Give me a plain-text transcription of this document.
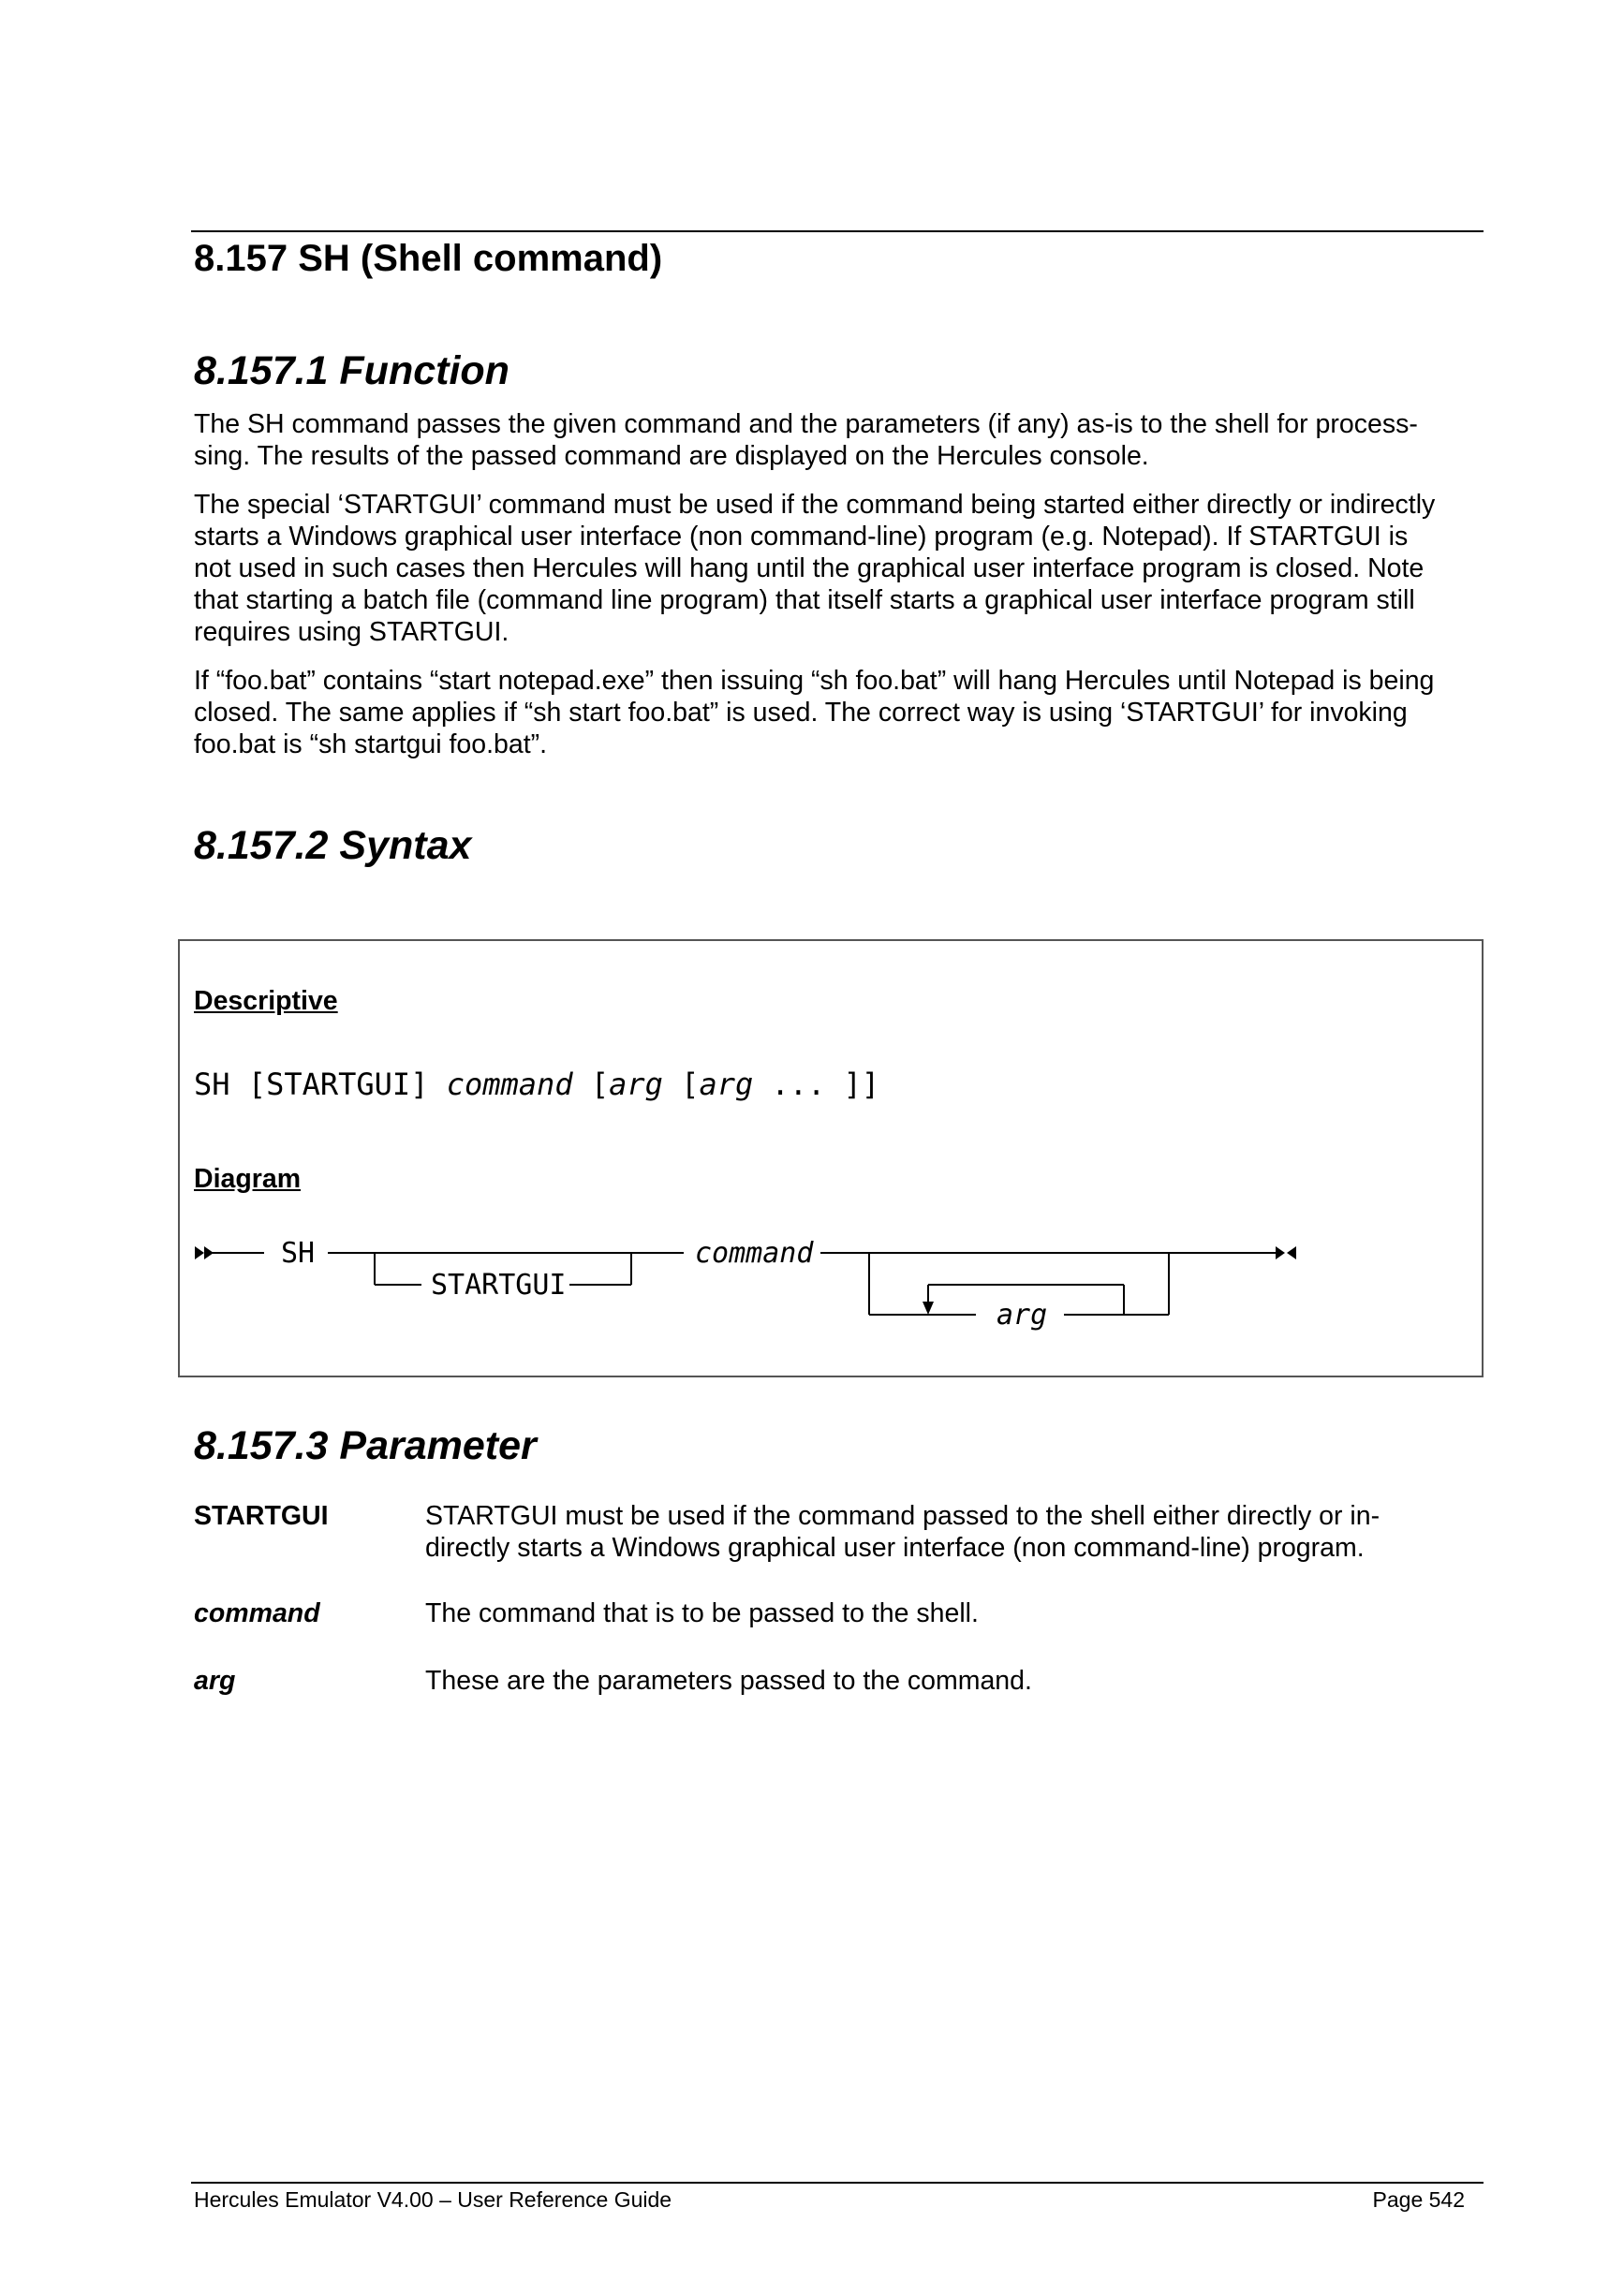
8.157 SH (Shell command)
8.157.1 Function
The SH command passes the given command and the parameters (if any) as-is to the shell for process-
sing. The results of the passed command are displayed on the Hercules console.
The special ‘STARTGUI’ command must be used if the command being started either directly or indirectly
starts a Windows graphical user interface (non command-line) program (e.g. Notepad). If STARTGUI is
not used in such cases then Hercules will hang until the graphical user interface program is closed. Note
that starting a batch file (command line program) that itself starts a graphical user interface program still
requires using STARTGUI.
If “foo.bat” contains “start notepad.exe” then issuing “sh foo.bat” will hang Hercules until Notepad is being
closed. The same applies if “sh start foo.bat” is used. The correct way is using ‘STARTGUI’ for invoking
foo.bat is “sh startgui foo.bat”.
8.157.2 Syntax
Descriptive
SH [STARTGUI] command [arg [arg ... ]]
Diagram
SH
STARTGUI
command
arg
8.157.3 Parameter
STARTGUI	STARTGUI must be used if the command passed to the shell either directly or in-
directly starts a Windows graphical user interface (non command-line) program.
command	The command that is to be passed to the shell.
arg	These are the parameters passed to the command.
Hercules Emulator V4.00 – User Reference Guide	Page 542
